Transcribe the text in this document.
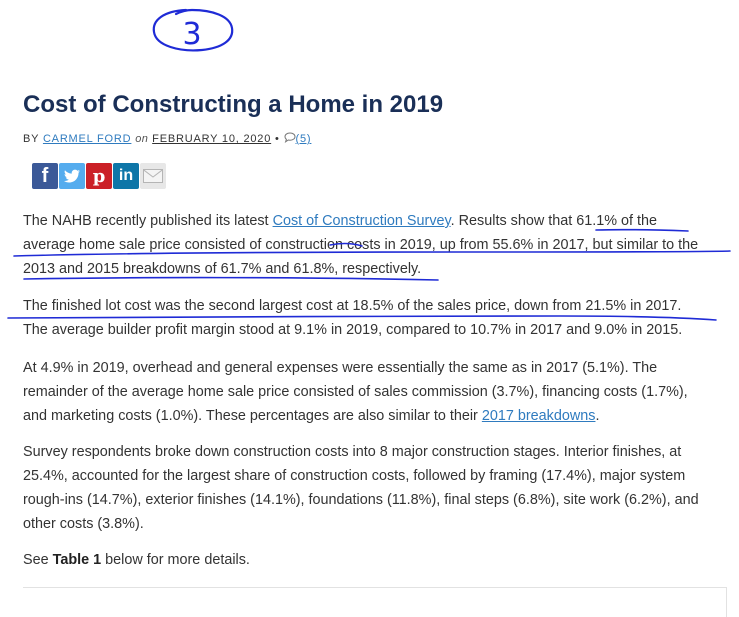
3
Cost of Constructing a Home in 2019
BY CARMEL FORD on FEBRUARY 10, 2020 • (5)
f p in

The NAHB recently published its latest Cost of Construction Survey. Results show that 61.1% of the
average home sale price consisted of construction costs in 2019, up from 55.6% in 2017, but similar to the
2013 and 2015 breakdowns of 61.7% and 61.8%, respectively.

The finished lot cost was the second largest cost at 18.5% of the sales price, down from 21.5% in 2017.
The average builder profit margin stood at 9.1% in 2019, compared to 10.7% in 2017 and 9.0% in 2015.

At 4.9% in 2019, overhead and general expenses were essentially the same as in 2017 (5.1%). The
remainder of the average home sale price consisted of sales commission (3.7%), financing costs (1.7%),
and marketing costs (1.0%). These percentages are also similar to their 2017 breakdowns.

Survey respondents broke down construction costs into 8 major construction stages. Interior finishes, at
25.4%, accounted for the largest share of construction costs, followed by framing (17.4%), major system
rough-ins (14.7%), exterior finishes (14.1%), foundations (11.8%), final steps (6.8%), site work (6.2%), and
other costs (3.8%).

See Table 1 below for more details.
